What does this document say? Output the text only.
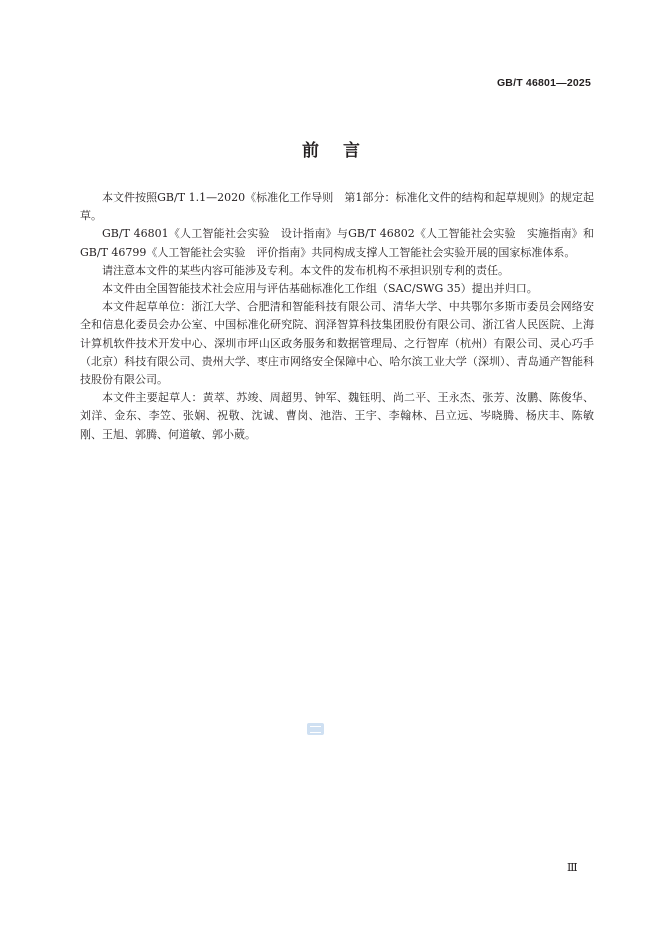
GB/T 46801—2025
前言

本文件按照GB/T 1.1—2020《标准化工作导则　第1部分：标准化文件的结构和起草规则》的规定起草。

GB/T 46801《人工智能社会实验　设计指南》与GB/T 46802《人工智能社会实验　实施指南》和GB/T 46799《人工智能社会实验　评价指南》共同构成支撑人工智能社会实验开展的国家标准体系。

请注意本文件的某些内容可能涉及专利。本文件的发布机构不承担识别专利的责任。

本文件由全国智能技术社会应用与评估基础标准化工作组（SAC/SWG 35）提出并归口。

本文件起草单位：浙江大学、合肥清和智能科技有限公司、清华大学、中共鄂尔多斯市委员会网络安全和信息化委员会办公室、中国标准化研究院、润泽智算科技集团股份有限公司、浙江省人民医院、上海计算机软件技术开发中心、深圳市坪山区政务服务和数据管理局、之行智库（杭州）有限公司、灵心巧手（北京）科技有限公司、贵州大学、枣庄市网络安全保障中心、哈尔滨工业大学（深圳）、青岛通产智能科技股份有限公司。

本文件主要起草人：黄萃、苏竣、周超男、钟军、魏钰明、尚二平、王永杰、张芳、汝鹏、陈俊华、刘洋、金东、李笠、张娴、祝敬、沈诚、曹岗、池浩、王宇、李翰林、吕立远、岑晓腾、杨庆丰、陈敏刚、王旭、郭腾、何道敏、郭小葳。

Ⅲ
